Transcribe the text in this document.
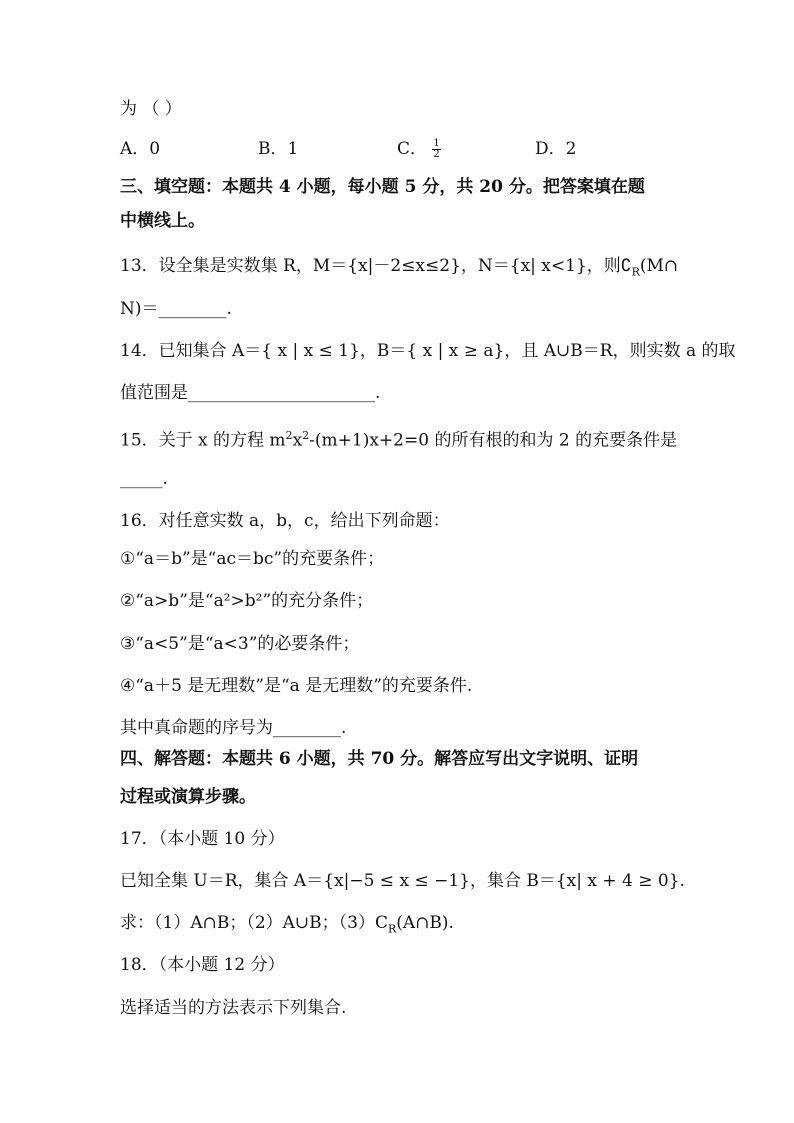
为 （ ）
A．0	B．1	C． $\frac{1}{2}$	D．2
三、填空题：本题共 4 小题，每小题 5 分，共 20 分。把答案填在题
中横线上。
13．设全集是实数集 R，M＝{x|－2≤x≤2}，N＝{x| x<1}，则$∁_R(M\cap$
N)＝________.
14．已知集合 A＝{ x | x ≤ 1}，B＝{ x | x ≥ a}，且 A∪B＝R，则实数 a 的取
值范围是______________________.
15．关于 x 的方程 $m^2x^2-(m+1)x+2=0$ 的所有根的和为 2 的充要条件是
_____.
16．对任意实数 a，b，c，给出下列命题：
①“a＝b”是“ac＝bc”的充要条件；
②“a>b”是“a²>b²”的充分条件；
③“a<5”是“a<3”的必要条件；
④“a＋5 是无理数”是“a 是无理数”的充要条件.
其中真命题的序号为________.
四、解答题：本题共 6 小题，共 70 分。解答应写出文字说明、证明
过程或演算步骤。
17．（本小题 10 分）
已知全集 U＝R，集合 A＝{x|−5 ≤ x ≤ −1}，集合 B＝{x| x + 4 ≥ 0}.
求：（1）A∩B；（2）A∪B；$(3)C_R(A\cap B)$.
18．（本小题 12 分）
选择适当的方法表示下列集合.
